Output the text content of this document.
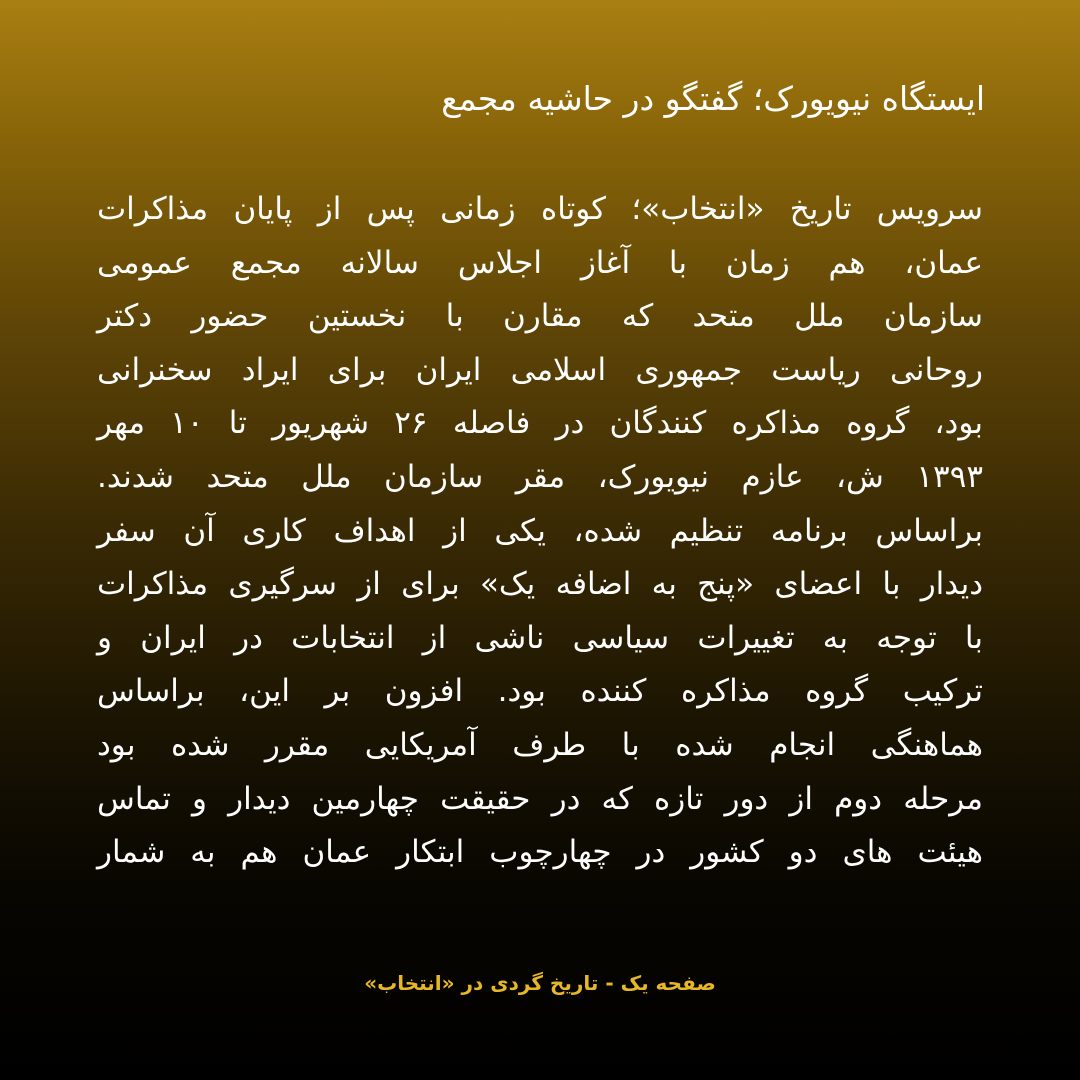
ایستگاه نیویورک؛ گفتگو در حاشیه مجمع
سرویس تاریخ «انتخاب»؛ کوتاه زمانی پس از پایان مذاکرات
عمان، هم زمان با آغاز اجلاس سالانه مجمع عمومی
سازمان ملل متحد که مقارن با نخستین حضور دکتر
روحانی ریاست جمهوری اسلامی ایران برای ایراد سخنرانی
بود، گروه مذاکره کنندگان در فاصله ۲۶ شهریور تا ۱۰ مهر
۱۳۹۳ ش، عازم نیویورک، مقر سازمان ملل متحد شدند.
براساس برنامه تنظیم شده، یکی از اهداف کاری آن سفر
دیدار با اعضای «پنج به اضافه یک» برای از سرگیری مذاکرات
با توجه به تغییرات سیاسی ناشی از انتخابات در ایران و
ترکیب گروه مذاکره کننده بود. افزون بر این، براساس
هماهنگی انجام شده با طرف آمریکایی مقرر شده بود
مرحله دوم از دور تازه که در حقیقت چهارمین دیدار و تماس
هیئت های دو کشور در چهارچوب ابتکار عمان هم به شمار
صفحه یک - تاریخ گردی در «انتخاب»
